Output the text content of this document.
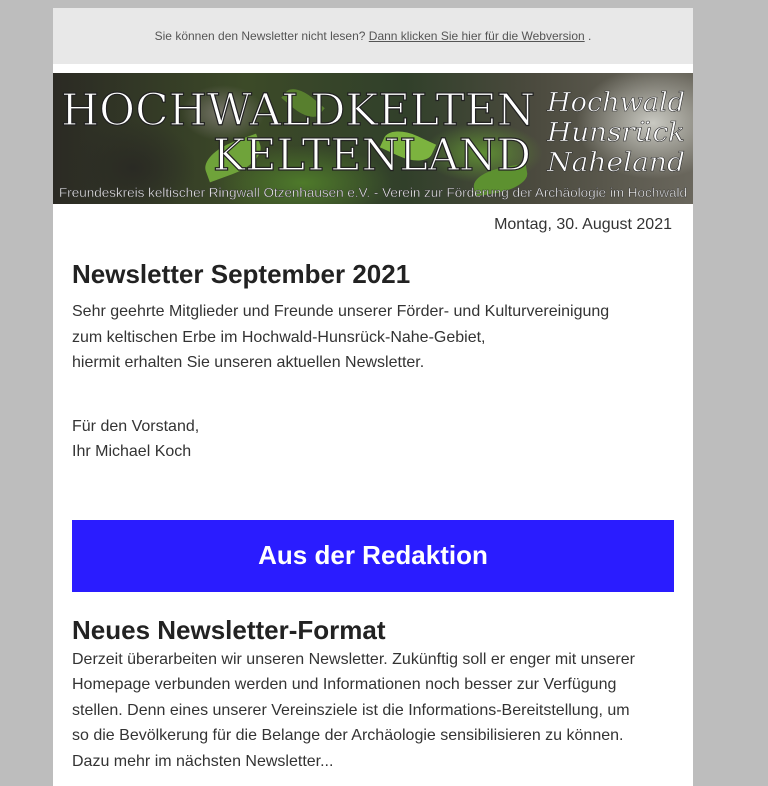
Sie können den Newsletter nicht lesen?
Dann klicken Sie hier für die Webversion
.
HOCHWALDKELTEN
KELTENLAND
Hochwald
Hunsrück
Naheland
Freundeskreis keltischer Ringwall Otzenhausen e.V. - Verein zur Förderung der Archäologie im Hochwald
Montag, 30. August 2021
Newsletter September 2021

Sehr geehrte Mitglieder und Freunde unserer Förder- und Kulturvereinigung
zum keltischen Erbe im Hochwald-Hunsrück-Nahe-Gebiet,
hiermit erhalten Sie unseren aktuellen Newsletter.

Für den Vorstand,
Ihr Michael Koch

Aus der Redaktion
Neues Newsletter-Format

Derzeit überarbeiten wir unseren Newsletter. Zukünftig soll er enger mit unserer
Homepage verbunden werden und Informationen noch besser zur Verfügung
stellen. Denn eines unserer Vereinsziele ist die Informations-Bereitstellung, um
so die Bevölkerung für die Belange der Archäologie sensibilisieren zu können.
Dazu mehr im nächsten Newsletter...
